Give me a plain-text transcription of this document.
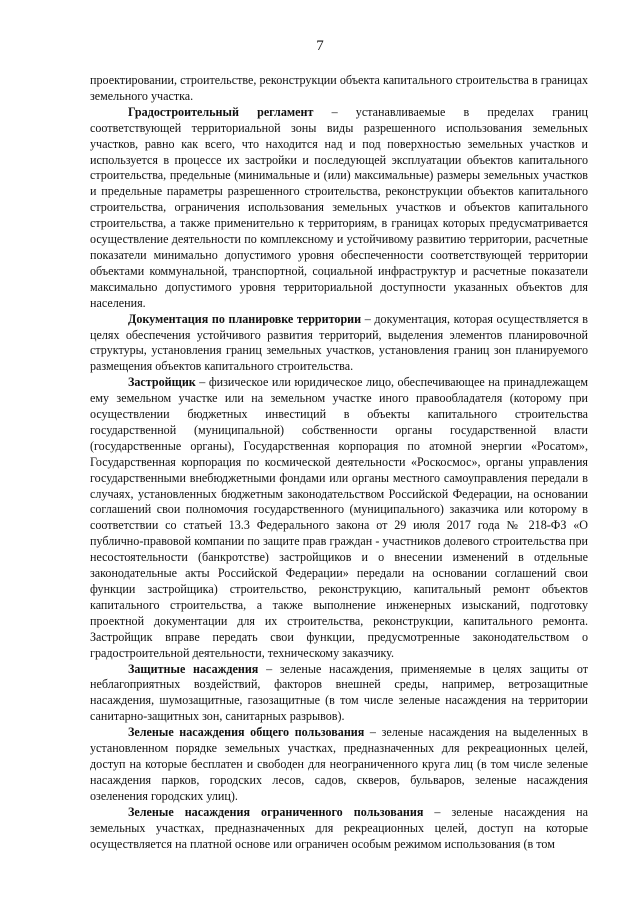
7

проектировании, строительстве, реконструкции объекта капитального строительства в границах земельного участка.

Градостроительный регламент – устанавливаемые в пределах границ соответствующей территориальной зоны виды разрешенного использования земельных участков, равно как всего, что находится над и под поверхностью земельных участков и используется в процессе их застройки и последующей эксплуатации объектов капитального строительства, предельные (минимальные и (или) максимальные) размеры земельных участков и предельные параметры разрешенного строительства, реконструкции объектов капитального строительства, ограничения использования земельных участков и объектов капитального строительства, а также применительно к территориям, в границах которых предусматривается осуществление деятельности по комплексному и устойчивому развитию территории, расчетные показатели минимально допустимого уровня обеспеченности соответствующей территории объектами коммунальной, транспортной, социальной инфраструктур и расчетные показатели максимально допустимого уровня территориальной доступности указанных объектов для населения.

Документация по планировке территории – документация, которая осуществляется в целях обеспечения устойчивого развития территорий, выделения элементов планировочной структуры, установления границ земельных участков, установления границ зон планируемого размещения объектов капитального строительства.

Застройщик – физическое или юридическое лицо, обеспечивающее на принадлежащем ему земельном участке или на земельном участке иного правообладателя (которому при осуществлении бюджетных инвестиций в объекты капитального строительства государственной (муниципальной) собственности органы государственной власти (государственные органы), Государственная корпорация по атомной энергии «Росатом», Государственная корпорация по космической деятельности «Роскосмос», органы управления государственными внебюджетными фондами или органы местного самоуправления передали в случаях, установленных бюджетным законодательством Российской Федерации, на основании соглашений свои полномочия государственного (муниципального) заказчика или которому в соответствии со статьей 13.3 Федерального закона от 29 июля 2017 года № 218-ФЗ «О публично-правовой компании по защите прав граждан - участников долевого строительства при несостоятельности (банкротстве) застройщиков и о внесении изменений в отдельные законодательные акты Российской Федерации» передали на основании соглашений свои функции застройщика) строительство, реконструкцию, капитальный ремонт объектов капитального строительства, а также выполнение инженерных изысканий, подготовку проектной документации для их строительства, реконструкции, капитального ремонта. Застройщик вправе передать свои функции, предусмотренные законодательством о градостроительной деятельности, техническому заказчику.

Защитные насаждения – зеленые насаждения, применяемые в целях защиты от неблагоприятных воздействий, факторов внешней среды, например, ветрозащитные насаждения, шумозащитные, газозащитные (в том числе зеленые насаждения на территории санитарно-защитных зон, санитарных разрывов).

Зеленые насаждения общего пользования – зеленые насаждения на выделенных в установленном порядке земельных участках, предназначенных для рекреационных целей, доступ на которые бесплатен и свободен для неограниченного круга лиц (в том числе зеленые насаждения парков, городских лесов, садов, скверов, бульваров, зеленые насаждения озеленения городских улиц).

Зеленые насаждения ограниченного пользования – зеленые насаждения на земельных участках, предназначенных для рекреационных целей, доступ на которые осуществляется на платной основе или ограничен особым режимом использования (в том
